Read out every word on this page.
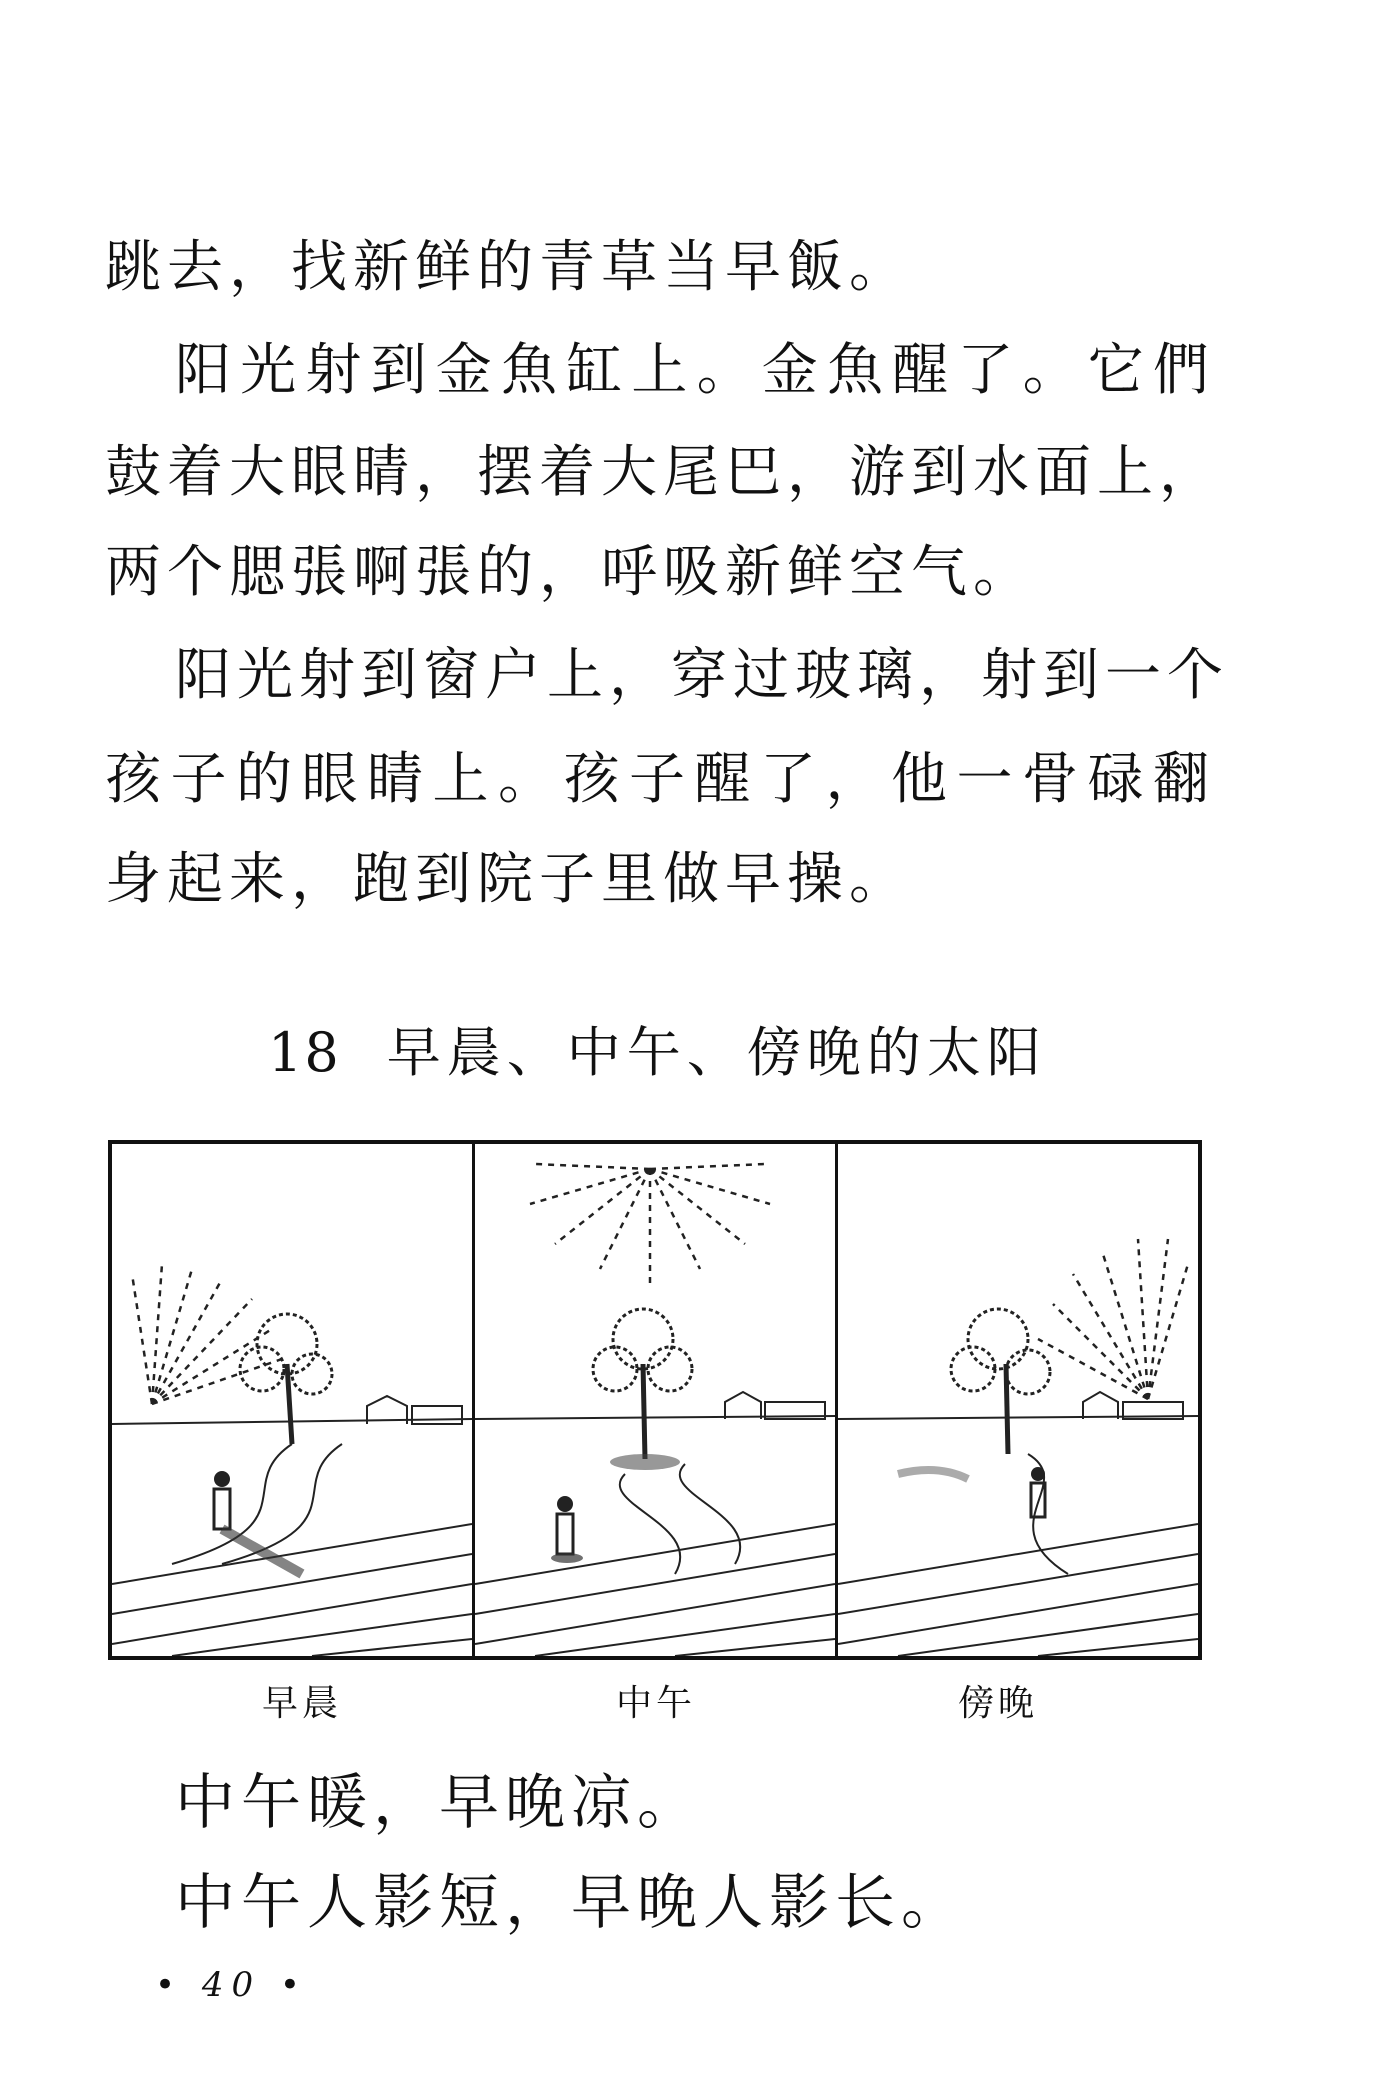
跳去，找新鲜的青草当早飯。
阳光射到金魚缸上。金魚醒了。它們
鼓着大眼睛，摆着大尾巴，游到水面上，
两个腮張啊張的，呼吸新鲜空气。
阳光射到窗户上，穿过玻璃，射到一个
孩子的眼睛上。孩子醒了，他一骨碌翻
身起来，跑到院子里做早操。
18 早晨、中午、傍晚的太阳
早晨	中午	傍晚
中午暖，早晚凉。
中午人影短，早晚人影长。
• 40 •
